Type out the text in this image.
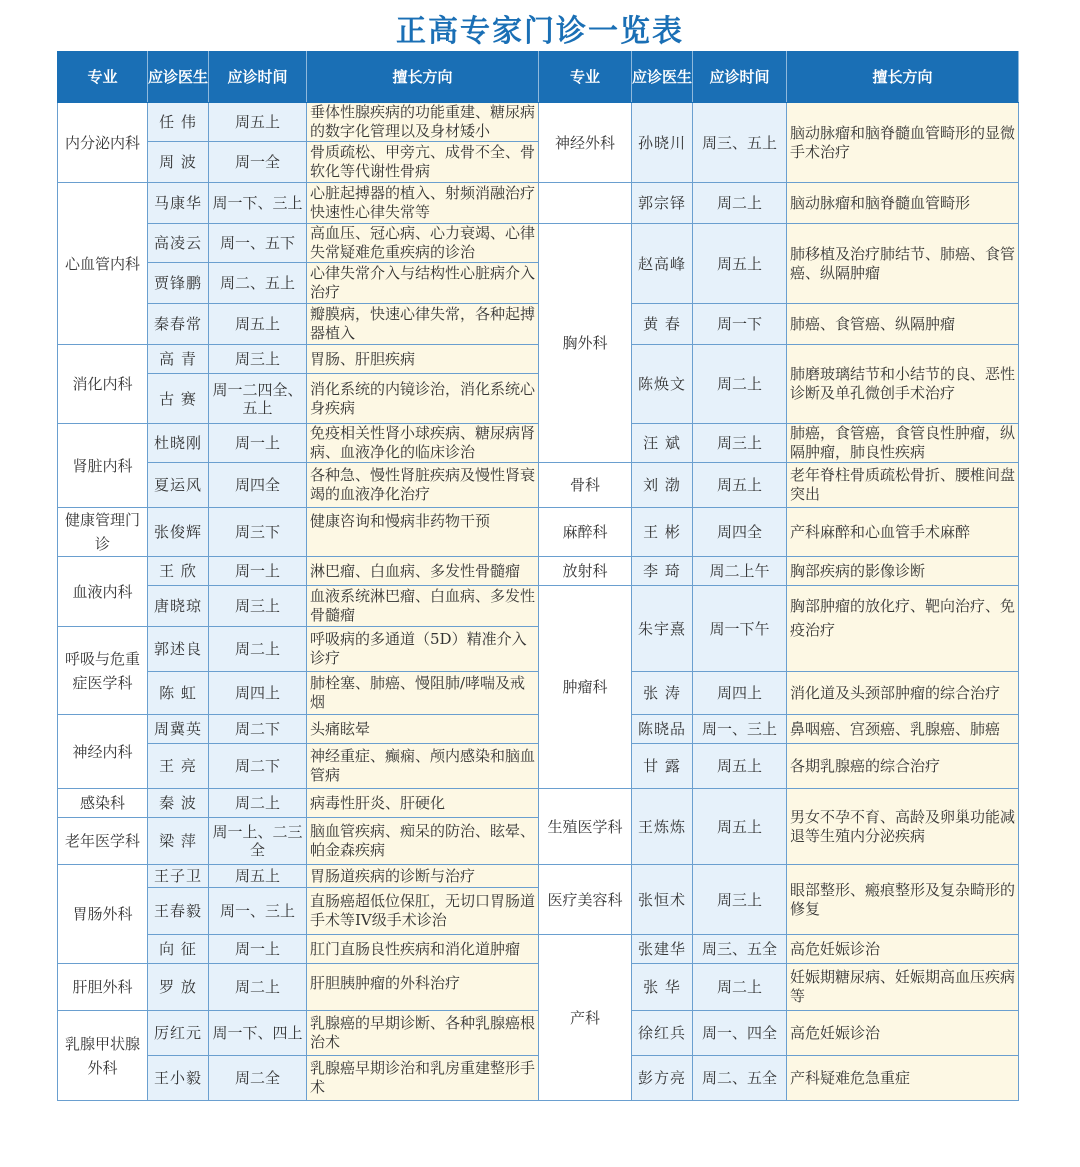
正高专家门诊一览表
专业	应诊医生	应诊时间	擅长方向	专业	应诊医生	应诊时间	擅长方向
内分泌内科	任 伟	周五上	垂体性腺疾病的功能重建、糖尿病的数字化管理以及身材矮小	神经外科	孙晓川	周三、五上	脑动脉瘤和脑脊髓血管畸形的显微手术治疗
	周 波	周一全	骨质疏松、甲旁亢、成骨不全、骨软化等代谢性骨病				
心血管内科	马康华	周一下、三上	心脏起搏器的植入、射频消融治疗快速性心律失常等		郭宗铎	周二上	脑动脉瘤和脑脊髓血管畸形
	高凌云	周一、五下	高血压、冠心病、心力衰竭、心律失常疑难危重疾病的诊治	胸外科	赵高峰	周五上	肺移植及治疗肺结节、肺癌、食管癌、纵隔肿瘤
	贾锋鹏	周二、五上	心律失常介入与结构性心脏病介入治疗				
	秦春常	周五上	瓣膜病，快速心律失常，各种起搏器植入		黄 春	周一下	肺癌、食管癌、纵隔肿瘤
消化内科	高 青	周三上	胃肠、肝胆疾病		陈焕文	周二上	肺磨玻璃结节和小结节的良、恶性诊断及单孔微创手术治疗
	古 赛	周一二四全、五上	消化系统的内镜诊治，消化系统心身疾病				
肾脏内科	杜晓刚	周一上	免疫相关性肾小球疾病、糖尿病肾病、血液净化的临床诊治		汪 斌	周三上	肺癌，食管癌，食管良性肿瘤，纵隔肿瘤，肺良性疾病
	夏运风	周四全	各种急、慢性肾脏疾病及慢性肾衰竭的血液净化治疗	骨科	刘 渤	周五上	老年脊柱骨质疏松骨折、腰椎间盘突出
健康管理门诊	张俊辉	周三下	健康咨询和慢病非药物干预	麻醉科	王 彬	周四全	产科麻醉和心血管手术麻醉
血液内科	王 欣	周一上	淋巴瘤、白血病、多发性骨髓瘤	放射科	李 琦	周二上午	胸部疾病的影像诊断
	唐晓琼	周三上	血液系统淋巴瘤、白血病、多发性骨髓瘤	肿瘤科	朱宇熹	周一下午	胸部肿瘤的放化疗、靶向治疗、免疫治疗
呼吸与危重症医学科	郭述良	周二上	呼吸病的多通道（5D）精准介入诊疗				
	陈 虹	周四上	肺栓塞、肺癌、慢阻肺/哮喘及戒烟		张 涛	周四上	消化道及头颈部肿瘤的综合治疗
神经内科	周冀英	周二下	头痛眩晕		陈晓品	周一、三上	鼻咽癌、宫颈癌、乳腺癌、肺癌
	王 亮	周二下	神经重症、癫痫、颅内感染和脑血管病		甘 露	周五上	各期乳腺癌的综合治疗
感染科	秦 波	周二上	病毒性肝炎、肝硬化	生殖医学科	王炼炼	周五上	男女不孕不育、高龄及卵巢功能减退等生殖内分泌疾病
老年医学科	梁 萍	周一上、二三全	脑血管疾病、痴呆的防治、眩晕、帕金森疾病				
胃肠外科	王子卫	周五上	胃肠道疾病的诊断与治疗	医疗美容科	张恒术	周三上	眼部整形、瘢痕整形及复杂畸形的修复
	王春毅	周一、三上	直肠癌超低位保肛，无切口胃肠道手术等IV级手术诊治				
	向 征	周一上	肛门直肠良性疾病和消化道肿瘤	产科	张建华	周三、五全	高危妊娠诊治
肝胆外科	罗 放	周二上	肝胆胰肿瘤的外科治疗		张 华	周二上	妊娠期糖尿病、妊娠期高血压疾病等
乳腺甲状腺外科	厉红元	周一下、四上	乳腺癌的早期诊断、各种乳腺癌根治术		徐红兵	周一、四全	高危妊娠诊治
	王小毅	周二全	乳腺癌早期诊治和乳房重建整形手术		彭方亮	周二、五全	产科疑难危急重症
